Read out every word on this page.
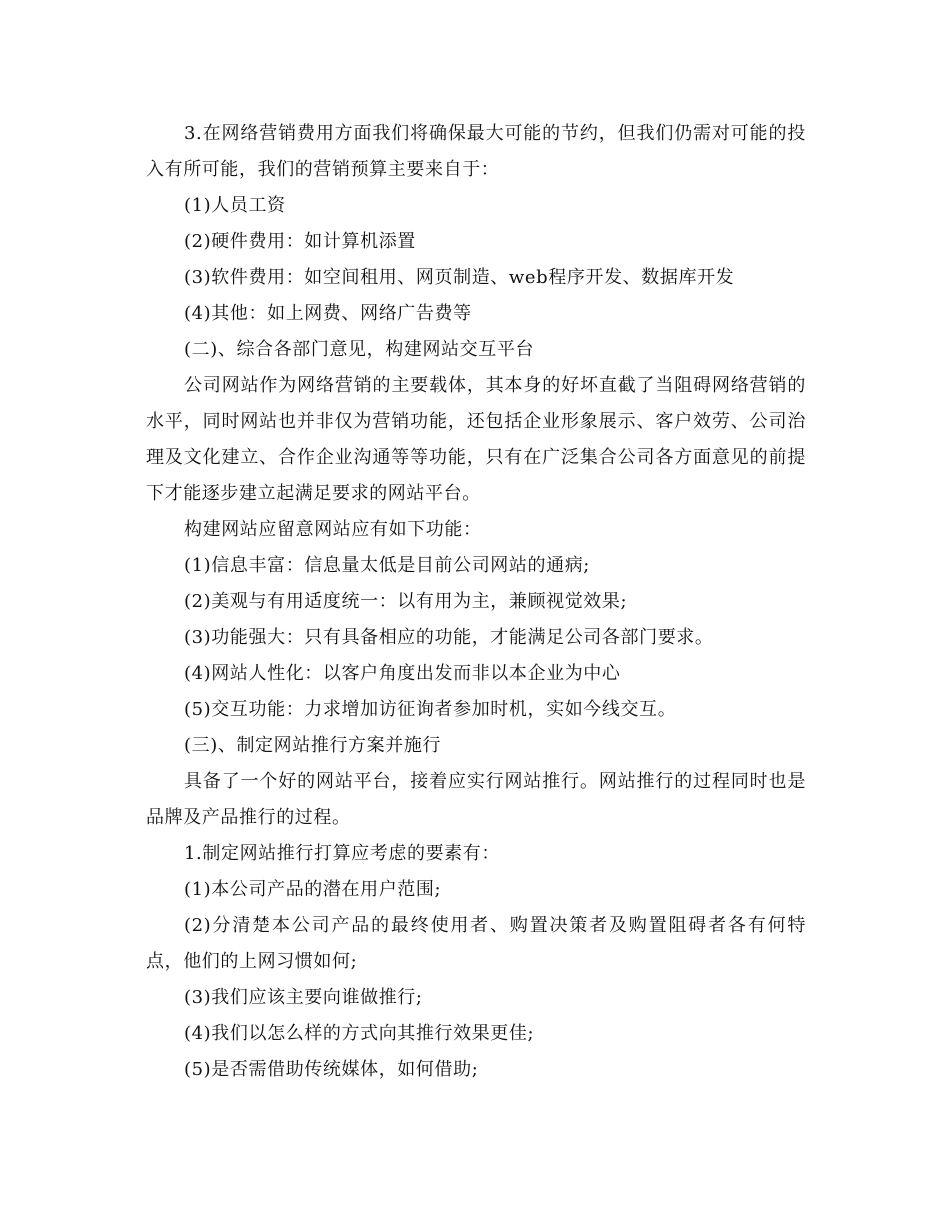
3.在网络营销费用方面我们将确保最大可能的节约，但我们仍需对可能的投入有所可能，我们的营销预算主要来自于：

(1)人员工资

(2)硬件费用：如计算机添置

(3)软件费用：如空间租用、网页制造、web程序开发、数据库开发

(4)其他：如上网费、网络广告费等

(二)、综合各部门意见，构建网站交互平台

公司网站作为网络营销的主要载体，其本身的好坏直截了当阻碍网络营销的水平，同时网站也并非仅为营销功能，还包括企业形象展示、客户效劳、公司治理及文化建立、合作企业沟通等等功能，只有在广泛集合公司各方面意见的前提下才能逐步建立起满足要求的网站平台。

构建网站应留意网站应有如下功能：

(1)信息丰富：信息量太低是目前公司网站的通病;

(2)美观与有用适度统一：以有用为主，兼顾视觉效果;

(3)功能强大：只有具备相应的功能，才能满足公司各部门要求。

(4)网站人性化：以客户角度出发而非以本企业为中心

(5)交互功能：力求增加访征询者参加时机，实如今线交互。

(三)、制定网站推行方案并施行

具备了一个好的网站平台，接着应实行网站推行。网站推行的过程同时也是品牌及产品推行的过程。

1.制定网站推行打算应考虑的要素有：

(1)本公司产品的潜在用户范围;

(2)分清楚本公司产品的最终使用者、购置决策者及购置阻碍者各有何特点，他们的上网习惯如何;

(3)我们应该主要向谁做推行;

(4)我们以怎么样的方式向其推行效果更佳;

(5)是否需借助传统媒体，如何借助;
